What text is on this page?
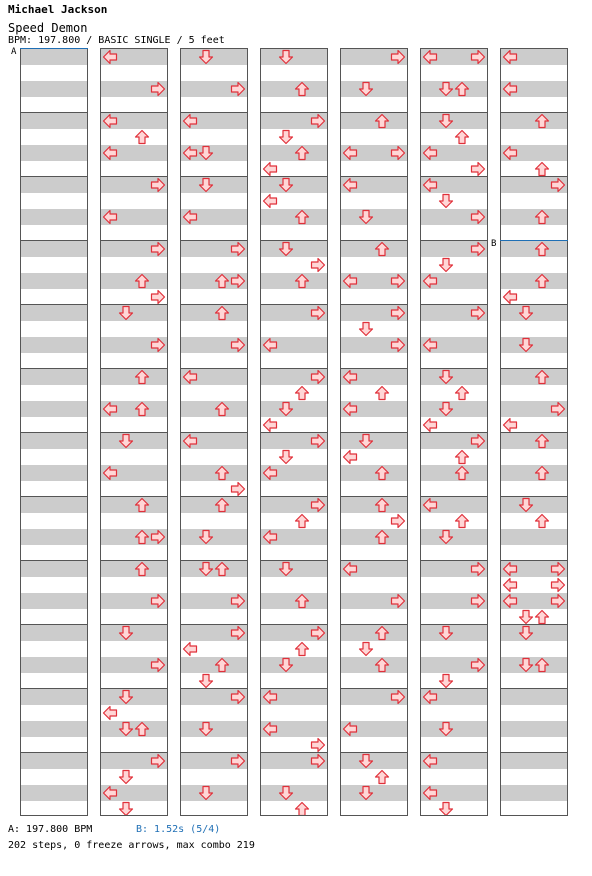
Michael Jackson
Speed Demon
BPM: 197.800 / BASIC SINGLE / 5 feet
A
B
A: 197.800 BPM	B: 1.52s (5/4)
202 steps, 0 freeze arrows, max combo 219
